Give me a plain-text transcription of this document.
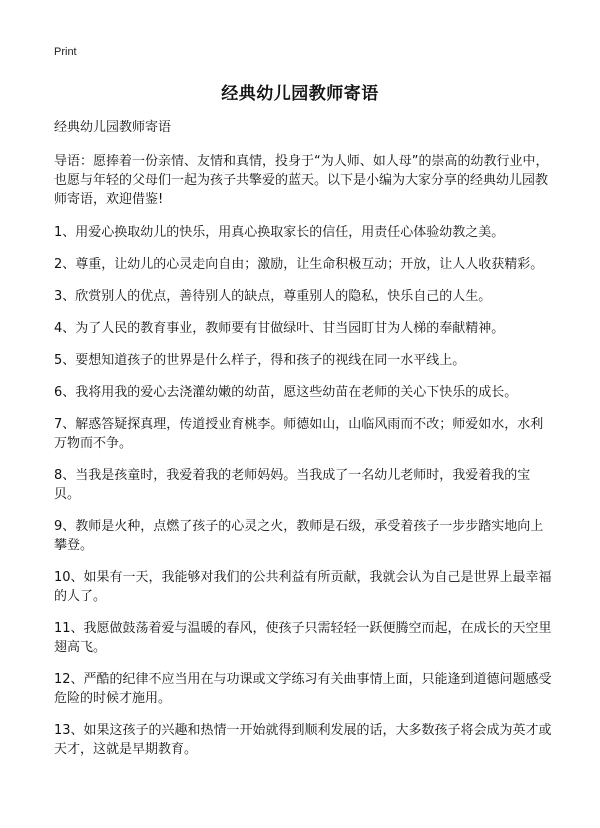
Print
经典幼儿园教师寄语
经典幼儿园教师寄语
导语：愿捧着一份亲情、友情和真情，投身于“为人师、如人母”的崇高的幼教行业中，也愿与年轻的父母们一起为孩子共擎爱的蓝天。以下是小编为大家分享的经典幼儿园教师寄语，欢迎借鉴!
1、用爱心换取幼儿的快乐，用真心换取家长的信任，用责任心体验幼教之美。
2、尊重，让幼儿的心灵走向自由；激励，让生命积极互动；开放，让人人收获精彩。
3、欣赏别人的优点，善待别人的缺点，尊重别人的隐私，快乐自己的人生。
4、为了人民的教育事业，教师要有甘做绿叶、甘当园盯甘为人梯的奉献精神。
5、要想知道孩子的世界是什么样子，得和孩子的视线在同一水平线上。
6、我将用我的爱心去浇灌幼嫩的幼苗，愿这些幼苗在老师的关心下快乐的成长。
7、解惑答疑探真理，传道授业育桃李。师德如山，山临风雨而不改；师爱如水，水利万物而不争。
8、当我是孩童时，我爱着我的老师妈妈。当我成了一名幼儿老师时，我爱着我的宝贝。
9、教师是火种，点燃了孩子的心灵之火，教师是石级，承受着孩子一步步踏实地向上攀登。
10、如果有一天，我能够对我们的公共利益有所贡献，我就会认为自己是世界上最幸福的人了。
11、我愿做鼓荡着爱与温暖的春风，使孩子只需轻轻一跃便腾空而起，在成长的天空里翅高飞。
12、严酷的纪律不应当用在与功课或文学练习有关曲事情上面，只能逢到道德问题感受危险的时候才施用。
13、如果这孩子的兴趣和热情一开始就得到顺利发展的话，大多数孩子将会成为英才或天才，这就是早期教育。
